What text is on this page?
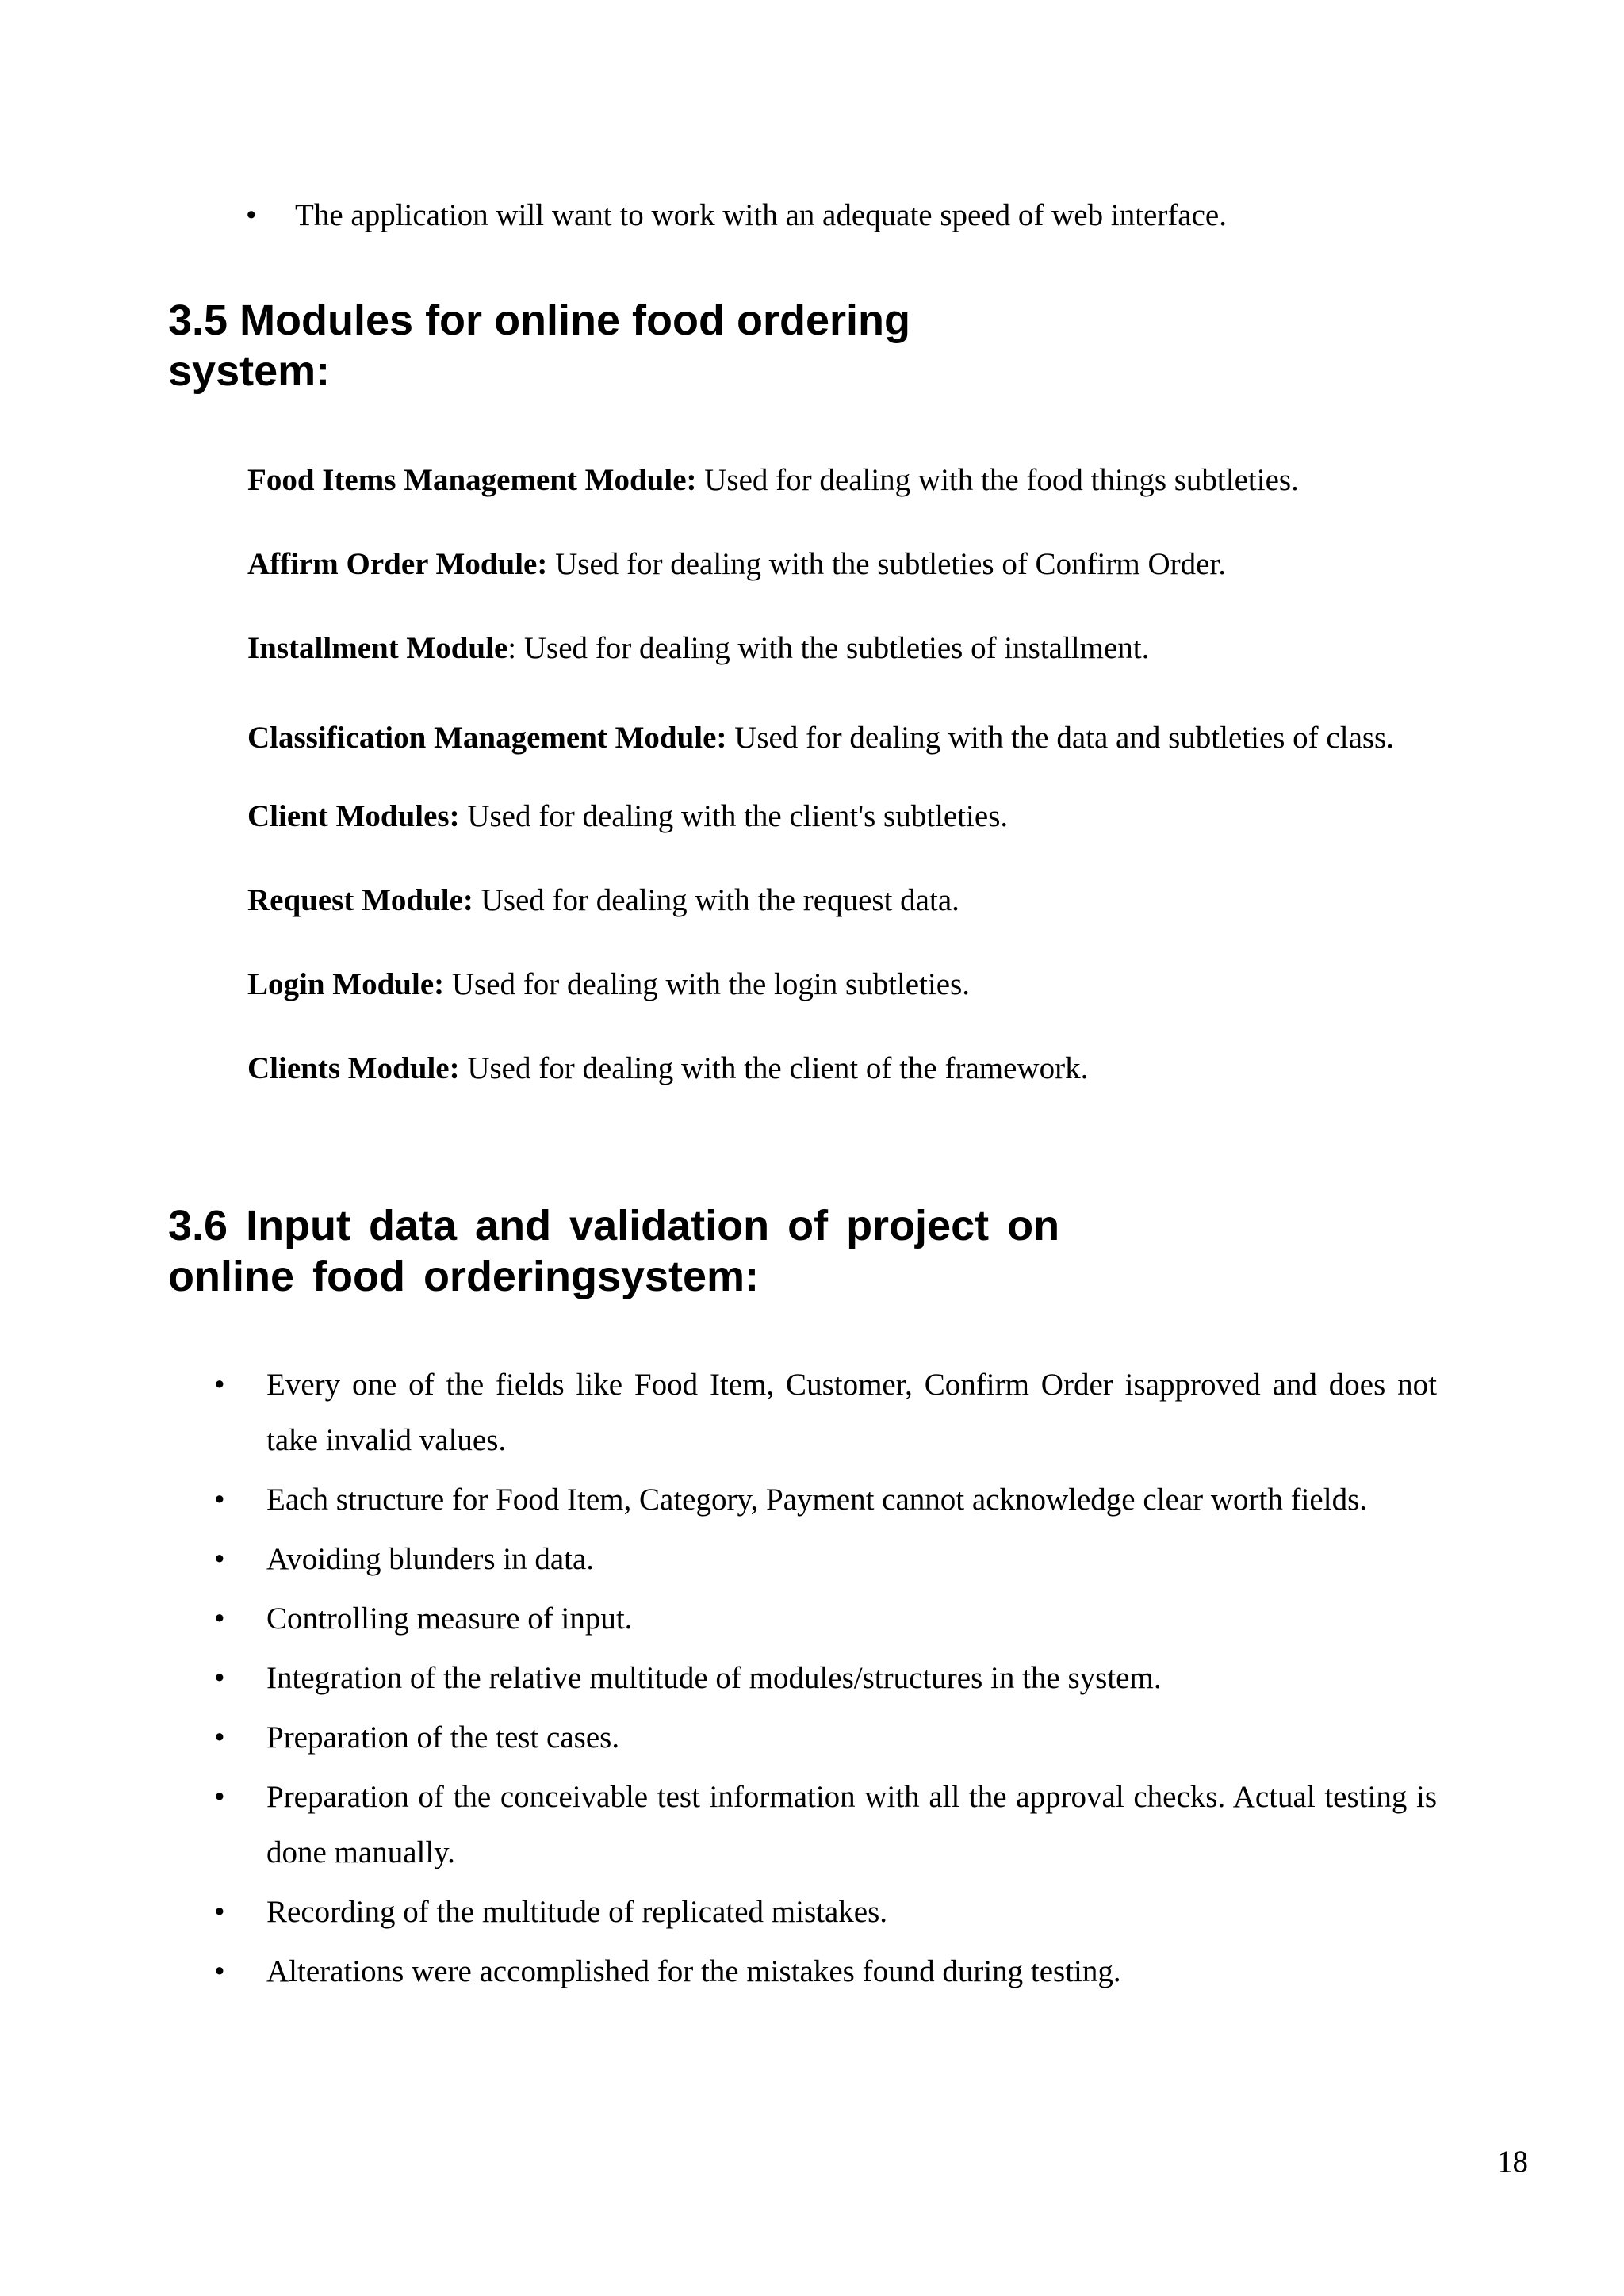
• The application will want to work with an adequate speed of web interface.
3.5 Modules for online food ordering
system:

Food Items Management Module: Used for dealing with the food things subtleties.

Affirm Order Module: Used for dealing with the subtleties of Confirm Order.

Installment Module: Used for dealing with the subtleties of installment.

Classification Management Module: Used for dealing with the data and subtleties of class.

Client Modules: Used for dealing with the client's subtleties.

Request Module: Used for dealing with the request data.

Login Module: Used for dealing with the login subtleties.

Clients Module: Used for dealing with the client of the framework.

3.6 Input data and validation of project on
online food orderingsystem:
• Every one of the fields like Food Item, Customer, Confirm Order isapproved and does not take invalid values.
• Each structure for Food Item, Category, Payment cannot acknowledge clear worth fields.
• Avoiding blunders in data.
• Controlling measure of input.
• Integration of the relative multitude of modules/structures in the system.
• Preparation of the test cases.
• Preparation of the conceivable test information with all the approval checks. Actual testing is done manually.
• Recording of the multitude of replicated mistakes.
• Alterations were accomplished for the mistakes found during testing.
18
